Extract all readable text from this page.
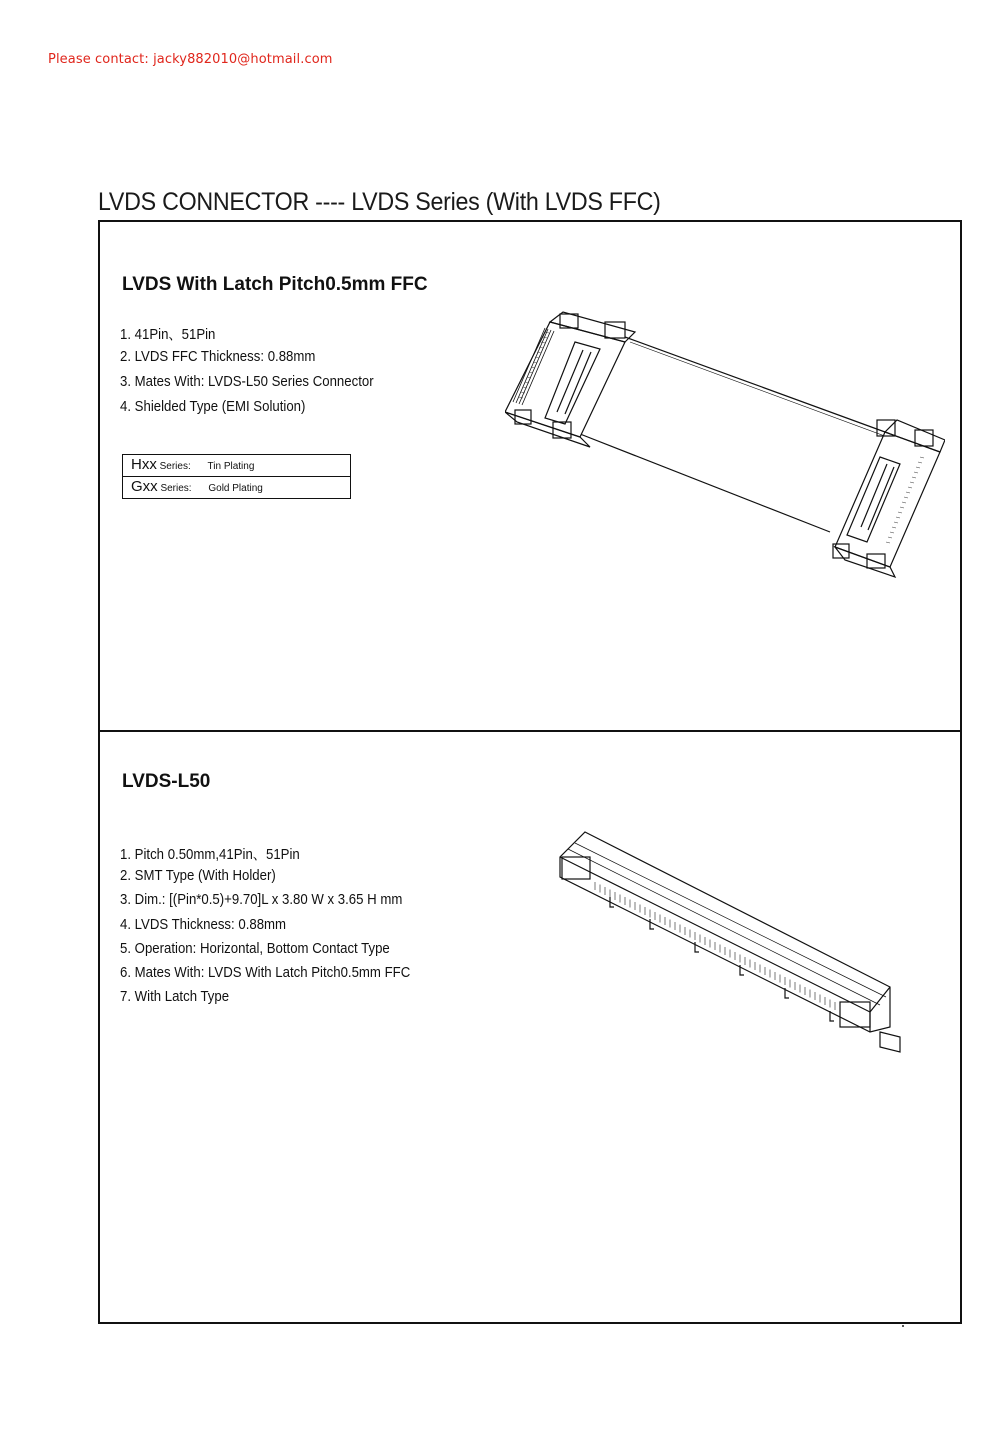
Please contact: jacky882010@hotmail.com
LVDS CONNECTOR ---- LVDS Series (With LVDS FFC)
LVDS With Latch Pitch0.5mm FFC
1. 41Pin、51Pin
2. LVDS FFC Thickness: 0.88mm
3. Mates With: LVDS-L50 Series Connector
4. Shielded Type (EMI Solution)
Hxx Series: Tin Plating
Gxx Series: Gold Plating
LVDS-L50
1. Pitch 0.50mm,41Pin、51Pin
2. SMT Type (With Holder)
3. Dim.: [(Pin*0.5)+9.70]L x 3.80 W x 3.65 H mm
4. LVDS Thickness: 0.88mm
5. Operation: Horizontal, Bottom Contact Type
6. Mates With: LVDS With Latch Pitch0.5mm FFC
7. With Latch Type
